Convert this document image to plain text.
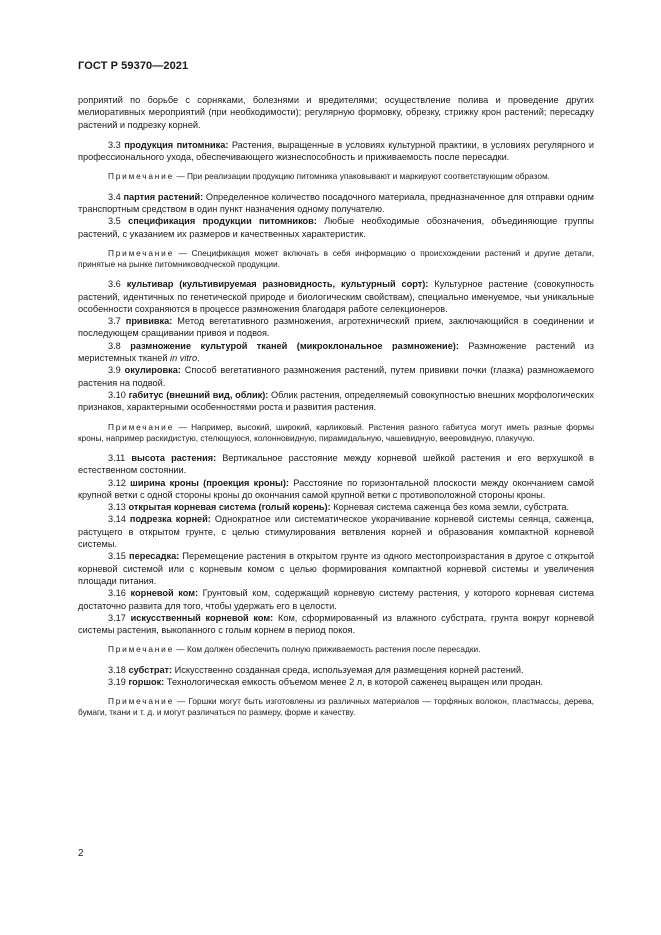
ГОСТ Р 59370—2021

роприятий по борьбе с сорняками, болезнями и вредителями; осуществление полива и проведение других мелиоративных мероприятий (при необходимости); регулярную формовку, обрезку, стрижку крон растений; пересадку растений и подрезку корней.

3.3 продукция питомника: Растения, выращенные в условиях культурной практики, в условиях регулярного и профессионального ухода, обеспечивающего жизнеспособность и приживаемость после пересадки.

Примечание — При реализации продукцию питомника упаковывают и маркируют соответствующим образом.

3.4 партия растений: Определенное количество посадочного материала, предназначенное для отправки одним транспортным средством в один пункт назначения одному получателю.

3.5 спецификация продукции питомников: Любые необходимые обозначения, объединяющие группы растений, с указанием их размеров и качественных характеристик.

Примечание — Спецификация может включать в себя информацию о происхождении растений и другие детали, принятые на рынке питомниководческой продукции.

3.6 культивар (культивируемая разновидность, культурный сорт): Культурное растение (совокупность растений, идентичных по генетической природе и биологическим свойствам), специально именуемое, чьи уникальные особенности сохраняются в процессе размножения благодаря работе селекционеров.

3.7 прививка: Метод вегетативного размножения, агротехнический прием, заключающийся в соединении и последующем сращивании привоя и подвоя.

3.8 размножение культурой тканей (микроклональное размножение): Размножение растений из меристемных тканей in vitro.

3.9 окулировка: Способ вегетативного размножения растений, путем прививки почки (глазка) размножаемого растения на подвой.

3.10 габитус (внешний вид, облик): Облик растения, определяемый совокупностью внешних морфологических признаков, характерными особенностями роста и развития растения.

Примечание — Например, высокий, широкий, карликовый. Растения разного габитуса могут иметь разные формы кроны, например раскидистую, стелющуюся, колонновидную, пирамидальную, чашевидную, вееровидную, плакучую.

3.11 высота растения: Вертикальное расстояние между корневой шейкой растения и его верхушкой в естественном состоянии.

3.12 ширина кроны (проекция кроны): Расстояние по горизонтальной плоскости между окончанием самой крупной ветки с одной стороны кроны до окончания самой крупной ветки с противоположной стороны кроны.

3.13 открытая корневая система (голый корень): Корневая система саженца без кома земли, субстрата.

3.14 подрезка корней: Однократное или систематическое укорачивание корневой системы сеянца, саженца, растущего в открытом грунте, с целью стимулирования ветвления корней и образования компактной корневой системы.

3.15 пересадка: Перемещение растения в открытом грунте из одного местопроизрастания в другое с открытой корневой системой или с корневым комом с целью формирования компактной корневой системы и увеличения площади питания.

3.16 корневой ком: Грунтовый ком, содержащий корневую систему растения, у которого корневая система достаточно развита для того, чтобы удержать его в целости.

3.17 искусственный корневой ком: Ком, сформированный из влажного субстрата, грунта вокруг корневой системы растения, выкопанного с голым корнем в период покоя.

Примечание — Ком должен обеспечить полную приживаемость растения после пересадки.

3.18 субстрат: Искусственно созданная среда, используемая для размещения корней растений.

3.19 горшок: Технологическая емкость объемом менее 2 л, в которой саженец выращен или продан.

Примечание — Горшки могут быть изготовлены из различных материалов — торфяных волокон, пластмассы, дерева, бумаги, ткани и т. д. и могут различаться по размеру, форме и качеству.

2
